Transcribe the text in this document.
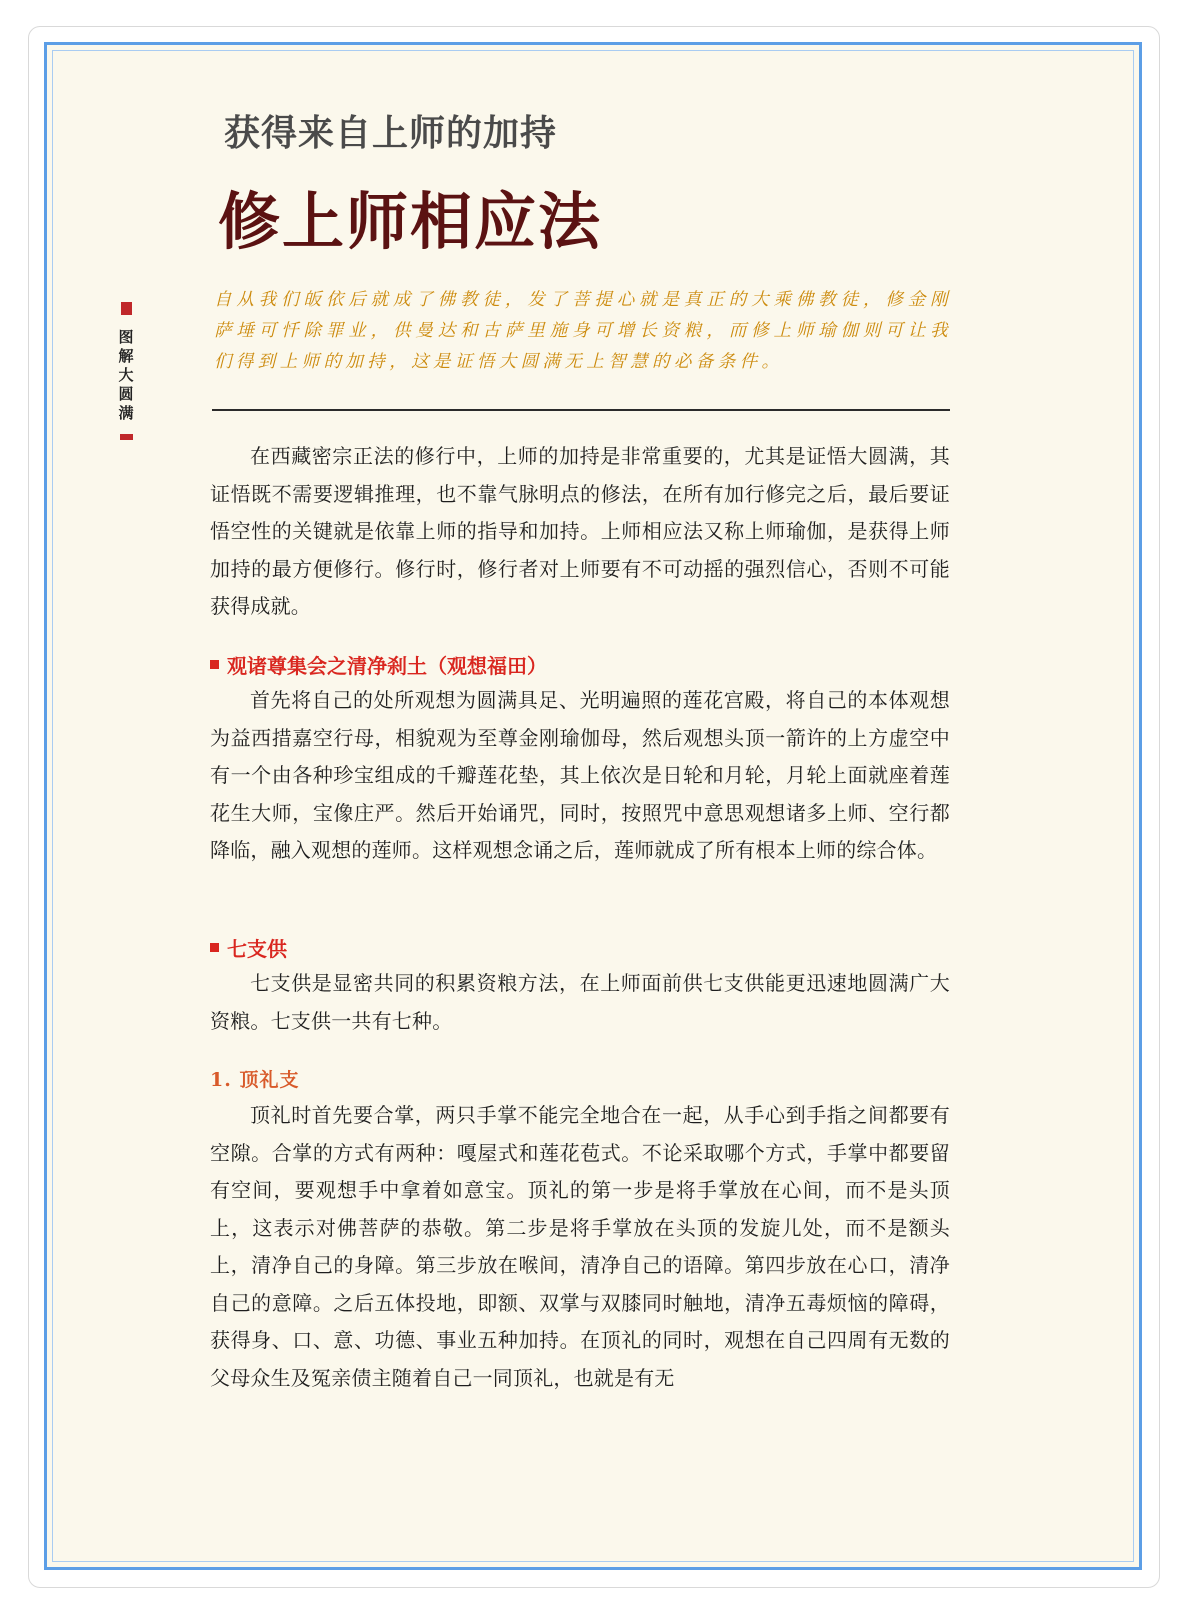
获得来自上师的加持
修上师相应法
图解大圆满

自从我们皈依后就成了佛教徒，发了菩提心就是真正的大乘佛教徒，修金刚萨埵可忏除罪业，供曼达和古萨里施身可增长资粮，而修上师瑜伽则可让我们得到上师的加持，这是证悟大圆满无上智慧的必备条件。

在西藏密宗正法的修行中，上师的加持是非常重要的，尤其是证悟大圆满，其证悟既不需要逻辑推理，也不靠气脉明点的修法，在所有加行修完之后，最后要证悟空性的关键就是依靠上师的指导和加持。上师相应法又称上师瑜伽，是获得上师加持的最方便修行。修行时，修行者对上师要有不可动摇的强烈信心，否则不可能获得成就。

观诸尊集会之清净刹土（观想福田）

首先将自己的处所观想为圆满具足、光明遍照的莲花宫殿，将自己的本体观想为益西措嘉空行母，相貌观为至尊金刚瑜伽母，然后观想头顶一箭许的上方虚空中有一个由各种珍宝组成的千瓣莲花垫，其上依次是日轮和月轮，月轮上面就座着莲花生大师，宝像庄严。然后开始诵咒，同时，按照咒中意思观想诸多上师、空行都降临，融入观想的莲师。这样观想念诵之后，莲师就成了所有根本上师的综合体。

七支供

七支供是显密共同的积累资粮方法，在上师面前供七支供能更迅速地圆满广大资粮。七支供一共有七种。

1. 顶礼支

顶礼时首先要合掌，两只手掌不能完全地合在一起，从手心到手指之间都要有空隙。合掌的方式有两种：嘎屋式和莲花苞式。不论采取哪个方式，手掌中都要留有空间，要观想手中拿着如意宝。顶礼的第一步是将手掌放在心间，而不是头顶上，这表示对佛菩萨的恭敬。第二步是将手掌放在头顶的发旋儿处，而不是额头上，清净自己的身障。第三步放在喉间，清净自己的语障。第四步放在心口，清净自己的意障。之后五体投地，即额、双掌与双膝同时触地，清净五毒烦恼的障碍，获得身、口、意、功德、事业五种加持。在顶礼的同时，观想在自己四周有无数的父母众生及冤亲债主随着自己一同顶礼，也就是有无
